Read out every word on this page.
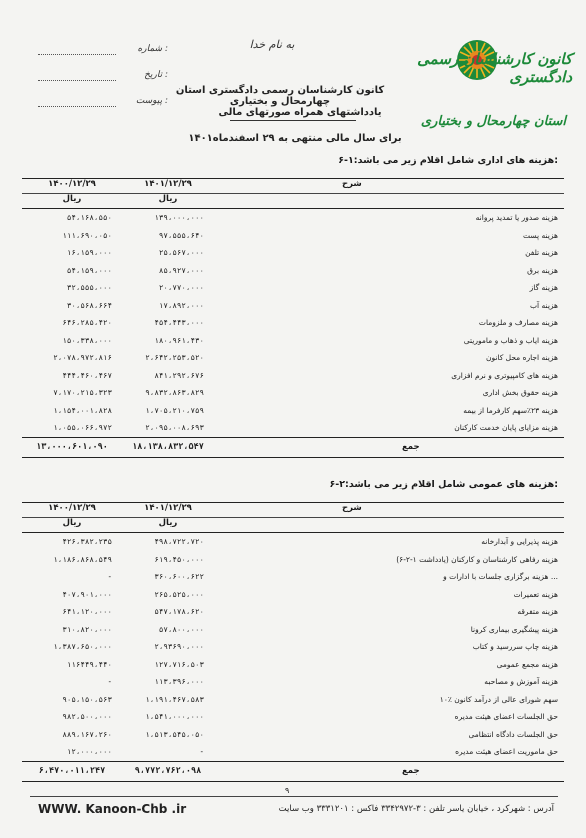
به نام خدا
شماره :
تاریخ :
پیوست :
کانون کارشناسان رسمی دادگستری
استان چهارمحال و بختیاری
کانون کارشناسان رسمی دادگستری استان چهارمحال و بختیاری
یادداشتهای همراه صورتهای مالی
برای سال مالی منتهی به ۲۹ اسفندماه۱۴۰۱
۶-۱:هزینه های اداری شامل اقلام زیر می باشد:
۱۴۰۰/۱۲/۲۹	۱۴۰۱/۱۲/۲۹	شرح
ریال	ریال
۵۴،۱۶۸،۵۵۰	۱۳۹،۰۰۰،۰۰۰	هزینه صدور یا تمدید پروانه
۱۱۱،۶۹۰،۰۵۰	۹۷،۵۵۵،۶۴۰	هزینه پست
۱۶،۱۵۹،۰۰۰	۲۵،۵۶۷،۰۰۰	هزینه تلفن
۵۴،۱۵۹،۰۰۰	۸۵،۹۲۷،۰۰۰	هزینه برق
۳۲،۵۵۵،۰۰۰	۲۰،۷۷۰،۰۰۰	هزینه گاز
۳۰،۵۶۸،۶۶۴	۱۷،۸۹۲،۰۰۰	هزینه آب
۶۴۶،۲۸۵،۴۲۰	۴۵۴،۴۴۳،۰۰۰	هزینه مصارف و ملزومات
۱۵۰،۳۳۸،۰۰۰	۱۸۰،۹۶۱،۴۳۰	هزینه ایاب و ذهاب و ماموریتی
۲،۰۷۸،۹۷۲،۸۱۶	۲،۶۴۲،۲۵۳،۵۲۰	هزینه اجاره محل کانون
۴۴۴،۴۶۰،۴۶۷	۸۴۱،۲۹۲،۶۷۶	هزینه های کامپیوتری و نرم افزاری
۷،۱۷۰،۲۱۵،۳۲۳	۹،۸۳۲،۸۶۳،۸۲۹	هزینه حقوق بخش اداری
۱،۱۵۴،۰۰۱،۸۲۸	۱،۷۰۵،۲۱۰،۷۵۹	هزینه ۲۳٪سهم کارفرما از بیمه
۱،۰۵۵،۰۶۶،۹۷۲	۲،۰۹۵،۰۰۸،۶۹۳	هزینه مزایای پایان خدمت کارکنان
۱۳،۰۰۰،۶۰۱،۰۹۰	۱۸،۱۳۸،۸۳۲،۵۴۷	جمع
۶-۲:هزینه های عمومی شامل اقلام زیر می باشد:
۱۴۰۰/۱۲/۲۹	۱۴۰۱/۱۲/۲۹	شرح
ریال	ریال
۴۲۶،۳۸۲،۲۳۵	۴۹۸،۷۲۲،۷۲۰	هزینه پذیرایی و آبدارخانه
۱،۱۸۶،۸۶۸،۵۴۹	۶۱۹،۴۵۰،۰۰۰	هزینه رفاهی کارشناسان و کارکنان (یادداشت ۱-۲-۶)
-	۳۶۰،۶۰۰،۶۲۲	هزینه برگزاری جلسات با ادارات و ...
۴۰۷،۹۰۱،۰۰۰	۲۶۵،۵۲۵،۰۰۰	هزینه تعمیرات
۶۴۱،۱۲۰،۰۰۰	۵۴۷،۱۷۸،۶۲۰	هزینه متفرقه
۳۱۰،۸۲۰،۰۰۰	۵۷،۸۰۰،۰۰۰	هزینه پیشگیری بیماری کرونا
۱،۳۸۷،۶۵۰،۰۰۰	۲،۹۳۶۹۰،۰۰۰	هزینه چاپ سررسید و کتاب
۱۱۶۴۴۹،۴۴۰	۱۲۷،۷۱۶،۵۰۳	هزینه مجمع عمومی
-	۱۱۳،۳۹۶،۰۰۰	هزینه آموزش و مصاحبه
۹۰۵،۱۵۰،۵۶۳	۱،۱۹۱،۴۶۷،۵۸۳	۱۰٪ سهم شورای عالی از درآمد کانون
۹۸۲،۵۰۰،۰۰۰	۱،۵۴۱،۰۰۰،۰۰۰	حق الجلسات اعضای هیئت مدیره
۸۸۹،۱۶۷،۲۶۰	۱،۵۱۳،۵۴۵،۰۵۰	حق الجلسات دادگاه انتظامی
۱۲،۰۰۰،۰۰۰	-	حق ماموریت اعضای هیئت مدیره
۶،۴۷۰،۰۱۱،۲۴۷	۹،۷۷۲،۷۶۲،۰۹۸	جمع
۹
WWW. Kanoon-Chb .ir	آدرس : شهرکرد ، خیابان یاسر تلفن : ۳-۳۳۴۲۹۷۲ فاکس : ۳۳۳۱۲۰۱ وب سایت
